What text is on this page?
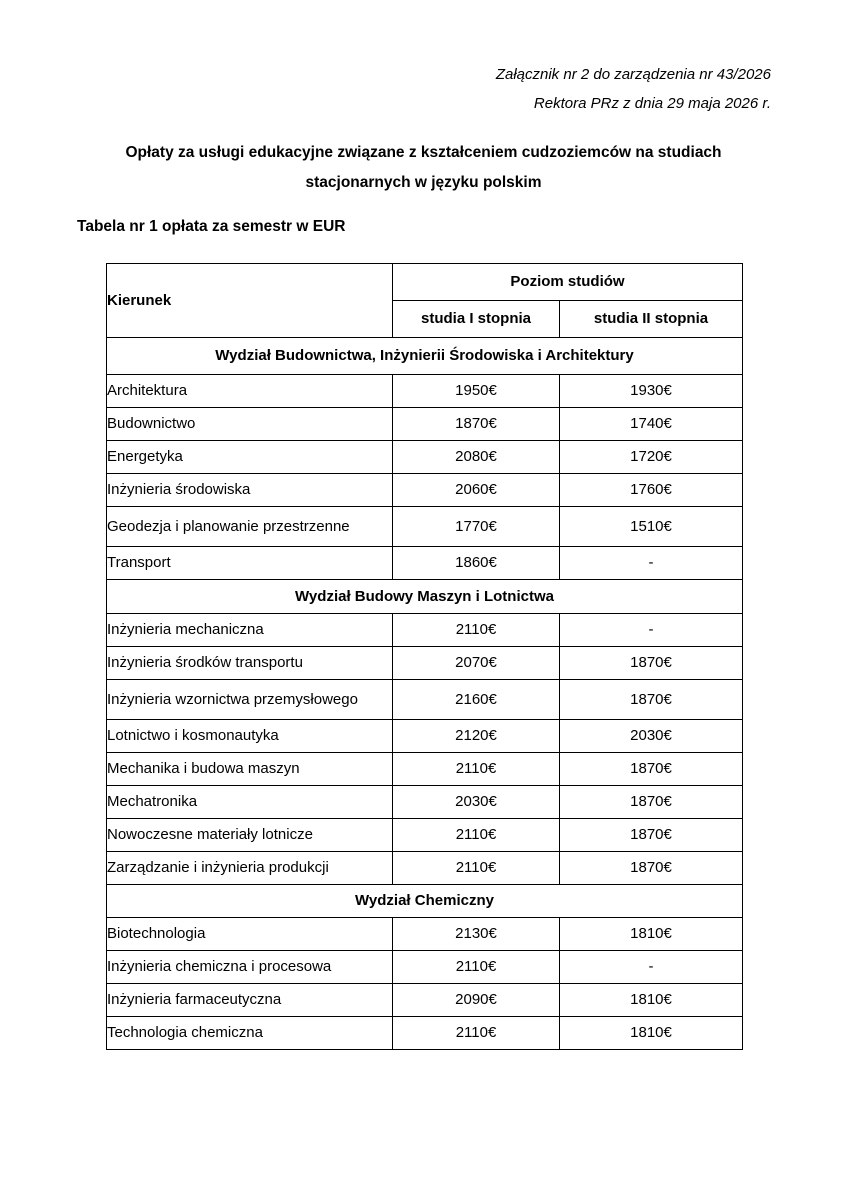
Załącznik nr 2 do zarządzenia nr 43/2026
Rektora PRz z dnia 29 maja 2026 r.
Opłaty za usługi edukacyjne związane z kształceniem cudzoziemców na studiach
stacjonarnych w języku polskim
Tabela nr 1 opłata za semestr w EUR
Kierunek	Poziom studiów	
	studia I stopnia	studia II stopnia
Wydział Budownictwa, Inżynierii Środowiska i Architektury		
Architektura	1950€	1930€
Budownictwo	1870€	1740€
Energetyka	2080€	1720€
Inżynieria środowiska	2060€	1760€
Geodezja i planowanie przestrzenne	1770€	1510€
Transport	1860€	-
Wydział Budowy Maszyn i Lotnictwa		
Inżynieria mechaniczna	2110€	-
Inżynieria środków transportu	2070€	1870€
Inżynieria wzornictwa przemysłowego	2160€	1870€
Lotnictwo i kosmonautyka	2120€	2030€
Mechanika i budowa maszyn	2110€	1870€
Mechatronika	2030€	1870€
Nowoczesne materiały lotnicze	2110€	1870€
Zarządzanie i inżynieria produkcji	2110€	1870€
Wydział Chemiczny		
Biotechnologia	2130€	1810€
Inżynieria chemiczna i procesowa	2110€	-
Inżynieria farmaceutyczna	2090€	1810€
Technologia chemiczna	2110€	1810€
